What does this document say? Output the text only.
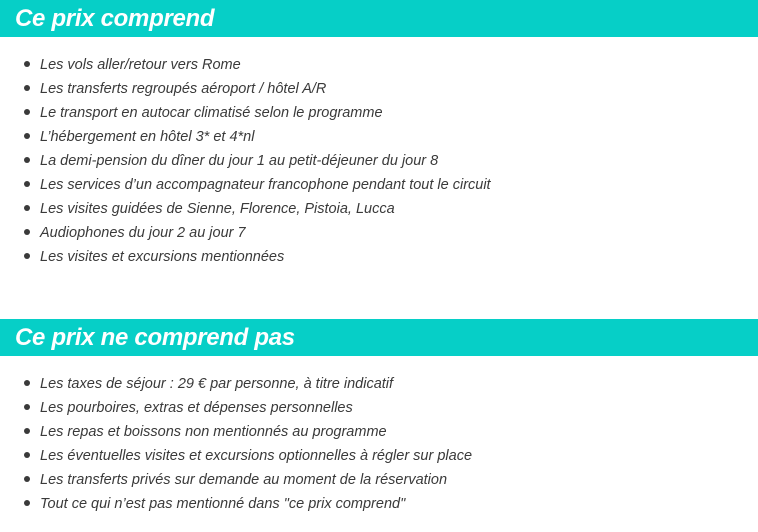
Ce prix comprend
Les vols aller/retour vers Rome
Les transferts regroupés aéroport / hôtel A/R
Le transport en autocar climatisé selon le programme
L’hébergement en hôtel 3* et 4*nl
La demi-pension du dîner du jour 1 au petit-déjeuner du jour 8
Les services d’un accompagnateur francophone pendant tout le circuit
Les visites guidées de Sienne, Florence, Pistoia, Lucca
Audiophones du jour 2 au jour 7
Les visites et excursions mentionnées
Ce prix ne comprend pas
Les taxes de séjour : 29 € par personne, à titre indicatif
Les pourboires, extras et dépenses personnelles
Les repas et boissons non mentionnés au programme
Les éventuelles visites et excursions optionnelles à régler sur place
Les transferts privés sur demande au moment de la réservation
Tout ce qui n’est pas mentionné dans "ce prix comprend"
